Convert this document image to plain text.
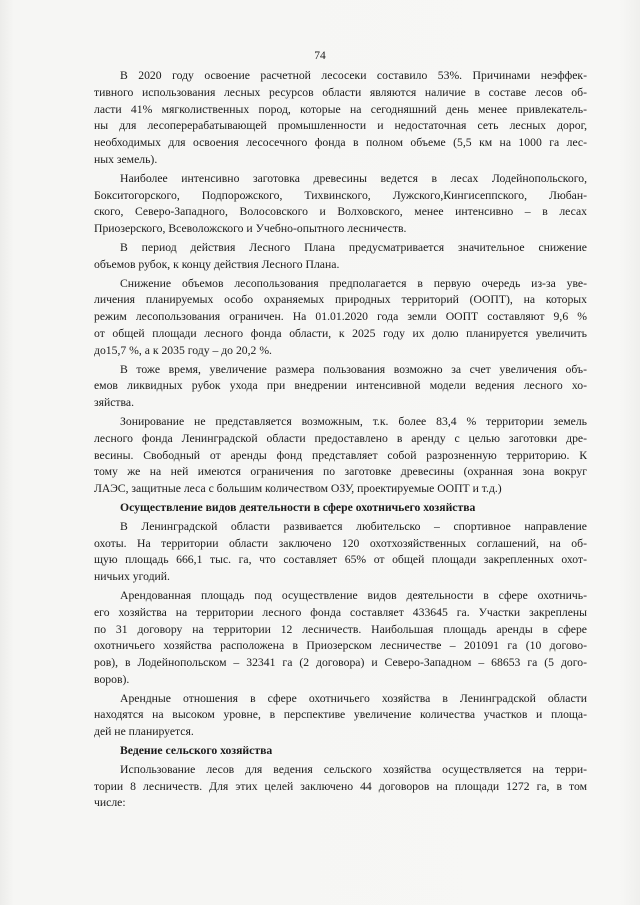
74
В 2020 году освоение расчетной лесосеки составило 53%. Причинами неэффек-
тивного использования лесных ресурсов области являются наличие в составе лесов об-
ласти 41% мягколиственных пород, которые на сегодняшний день менее привлекатель-
ны для лесоперерабатывающей промышленности и недостаточная сеть лесных дорог,
необходимых для освоения лесосечного фонда в полном объеме (5,5 км на 1000 га лес-
ных земель).
Наиболее интенсивно заготовка древесины ведется в лесах Лодейнопольского,
Бокситогорского, Подпорожского, Тихвинского, Лужского,Кингисеппского, Любан-
ского, Северо-Западного, Волосовского и Волховского, менее интенсивно – в лесах
Приозерского, Всеволожского и Учебно-опытного лесничеств.
В период действия Лесного Плана предусматривается значительное снижение
объемов рубок, к концу действия Лесного Плана.
Снижение объемов лесопользования предполагается в первую очередь из-за уве-
личения планируемых особо охраняемых природных территорий (ООПТ), на которых
режим лесопользования ограничен. На 01.01.2020 года земли ООПТ составляют 9,6 %
от общей площади лесного фонда области, к 2025 году их долю планируется увеличить
до15,7 %, а к 2035 году – до 20,2 %.
В тоже время, увеличение размера пользования возможно за счет увеличения объ-
емов ликвидных рубок ухода при внедрении интенсивной модели ведения лесного хо-
зяйства.
Зонирование не представляется возможным, т.к. более 83,4 % территории земель
лесного фонда Ленинградской области предоставлено в аренду с целью заготовки дре-
весины. Свободный от аренды фонд представляет собой разрозненную территорию. К
тому же на ней имеются ограничения по заготовке древесины (охранная зона вокруг
ЛАЭС, защитные леса с большим количеством ОЗУ, проектируемые ООПТ и т.д.)
Осуществление видов деятельности в сфере охотничьего хозяйства
В Ленинградской области развивается любительско – спортивное направление
охоты. На территории области заключено 120 охотхозяйственных соглашений, на об-
щую площадь 666,1 тыс. га, что составляет 65% от общей площади закрепленных охот-
ничьих угодий.
Арендованная площадь под осуществление видов деятельности в сфере охотничь-
его хозяйства на территории лесного фонда составляет 433645 га. Участки закреплены
по 31 договору на территории 12 лесничеств. Наибольшая площадь аренды в сфере
охотничьего хозяйства расположена в Приозерском лесничестве – 201091 га (10 догово-
ров), в Лодейнопольском – 32341 га (2 договора) и Северо-Западном – 68653 га (5 дого-
воров).
Арендные отношения в сфере охотничьего хозяйства в Ленинградской области
находятся на высоком уровне, в перспективе увеличение количества участков и площа-
дей не планируется.
Ведение сельского хозяйства
Использование лесов для ведения сельского хозяйства осуществляется на терри-
тории 8 лесничеств. Для этих целей заключено 44 договоров на площади 1272 га, в том
числе:
